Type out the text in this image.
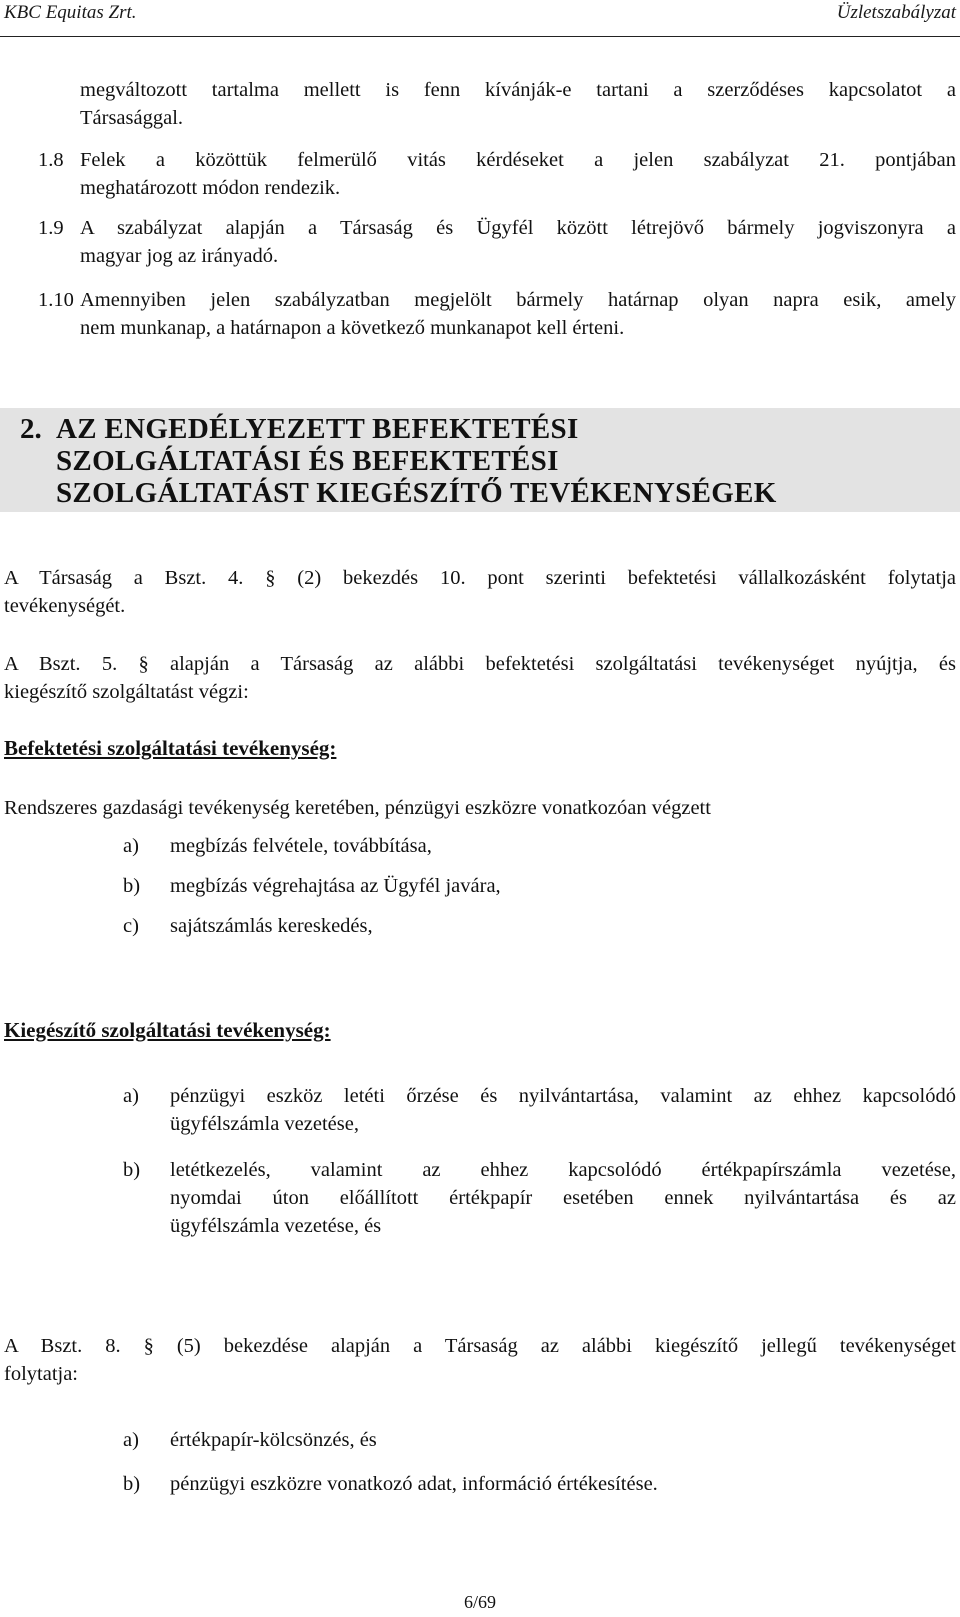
KBC Equitas Zrt.	Üzletszabályzat
megváltozott tartalma mellett is fenn kívánják-e tartani a szerződéses kapcsolatot a
Társasággal.
1.8 Felek a közöttük felmerülő vitás kérdéseket a jelen szabályzat 21. pontjában
meghatározott módon rendezik.
1.9 A szabályzat alapján a Társaság és Ügyfél között létrejövő bármely jogviszonyra a
magyar jog az irányadó.
1.10 Amennyiben jelen szabályzatban megjelölt bármely határnap olyan napra esik, amely
nem munkanap, a határnapon a következő munkanapot kell érteni.
2. AZ ENGEDÉLYEZETT BEFEKTETÉSI
SZOLGÁLTATÁSI ÉS BEFEKTETÉSI
SZOLGÁLTATÁST KIEGÉSZÍTŐ TEVÉKENYSÉGEK
A Társaság a Bszt. 4. § (2) bekezdés 10. pont szerinti befektetési vállalkozásként folytatja
tevékenységét.
A Bszt. 5. § alapján a Társaság az alábbi befektetési szolgáltatási tevékenységet nyújtja, és
kiegészítő szolgáltatást végzi:
Befektetési szolgáltatási tevékenység:
Rendszeres gazdasági tevékenység keretében, pénzügyi eszközre vonatkozóan végzett
a) megbízás felvétele, továbbítása,
b) megbízás végrehajtása az Ügyfél javára,
c) sajátszámlás kereskedés,
Kiegészítő szolgáltatási tevékenység:
a) pénzügyi eszköz letéti őrzése és nyilvántartása, valamint az ehhez kapcsolódó
ügyfélszámla vezetése,
b) letétkezelés, valamint az ehhez kapcsolódó értékpapírszámla vezetése,
nyomdai úton előállított értékpapír esetében ennek nyilvántartása és az
ügyfélszámla vezetése, és
A Bszt. 8. § (5) bekezdése alapján a Társaság az alábbi kiegészítő jellegű tevékenységet
folytatja:
a) értékpapír-kölcsönzés, és
b) pénzügyi eszközre vonatkozó adat, információ értékesítése.
6/69
